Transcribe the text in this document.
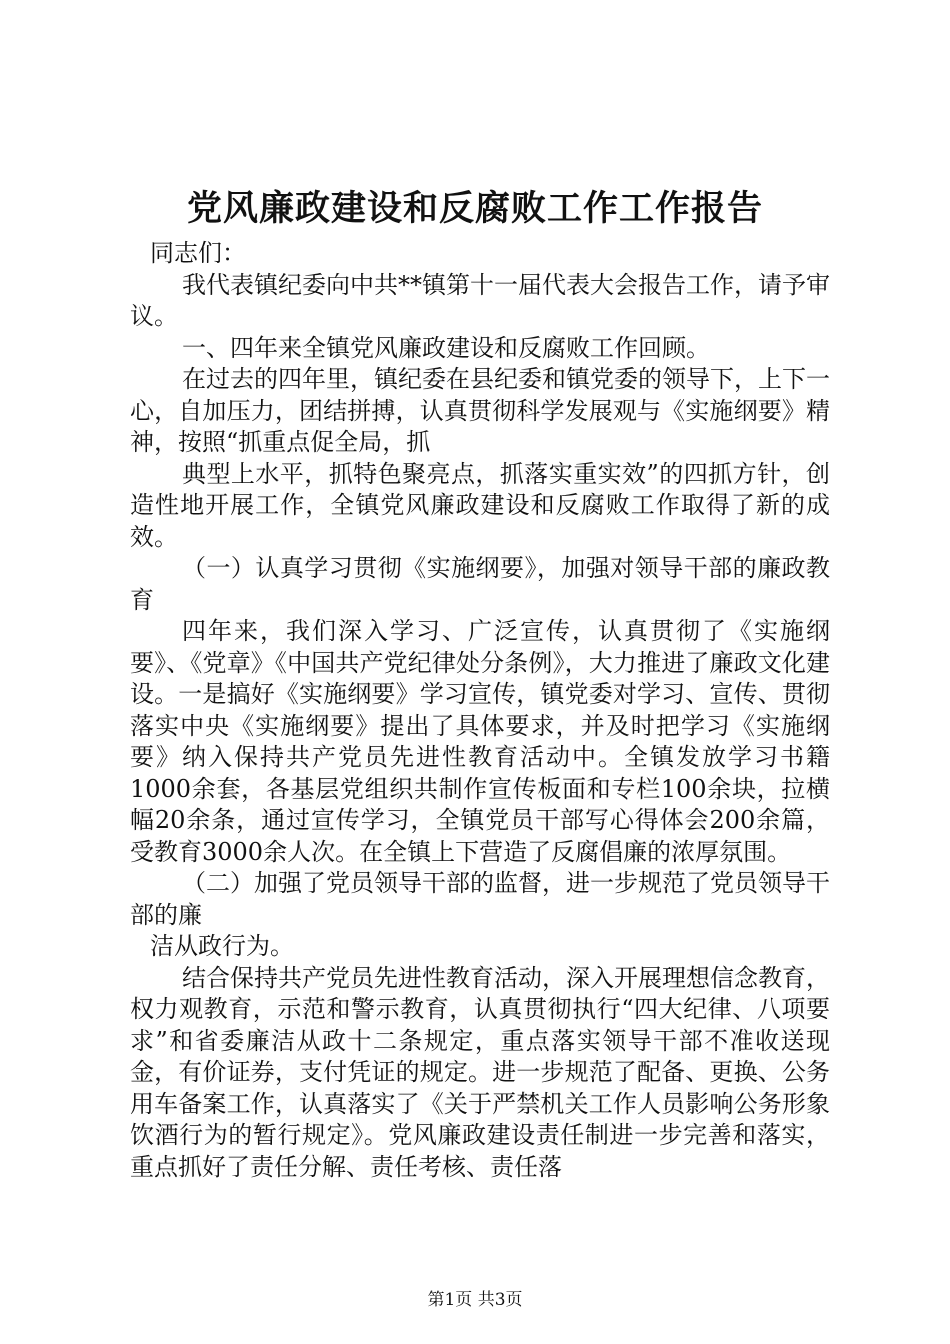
党风廉政建设和反腐败工作工作报告

同志们：

我代表镇纪委向中共**镇第十一届代表大会报告工作，请予审议。

一、四年来全镇党风廉政建设和反腐败工作回顾。

在过去的四年里，镇纪委在县纪委和镇党委的领导下，上下一心，自加压力，团结拼搏，认真贯彻科学发展观与《实施纲要》精神，按照“抓重点促全局，抓

典型上水平，抓特色聚亮点，抓落实重实效”的四抓方针，创造性地开展工作，全镇党风廉政建设和反腐败工作取得了新的成效。

（一）认真学习贯彻《实施纲要》，加强对领导干部的廉政教育

四年来，我们深入学习、广泛宣传，认真贯彻了《实施纲要》、《党章》《中国共产党纪律处分条例》，大力推进了廉政文化建设。一是搞好《实施纲要》学习宣传，镇党委对学习、宣传、贯彻落实中央《实施纲要》提出了具体要求，并及时把学习《实施纲要》纳入保持共产党员先进性教育活动中。全镇发放学习书籍1000余套，各基层党组织共制作宣传板面和专栏100余块，拉横幅20余条，通过宣传学习，全镇党员干部写心得体会200余篇，受教育3000余人次。在全镇上下营造了反腐倡廉的浓厚氛围。

（二）加强了党员领导干部的监督，进一步规范了党员领导干部的廉

洁从政行为。

结合保持共产党员先进性教育活动，深入开展理想信念教育，权力观教育，示范和警示教育，认真贯彻执行“四大纪律、八项要求”和省委廉洁从政十二条规定，重点落实领导干部不准收送现金，有价证券，支付凭证的规定。进一步规范了配备、更换、公务用车备案工作，认真落实了《关于严禁机关工作人员影响公务形象饮酒行为的暂行规定》。党风廉政建设责任制进一步完善和落实，重点抓好了责任分解、责任考核、责任落

第1页 共3页
